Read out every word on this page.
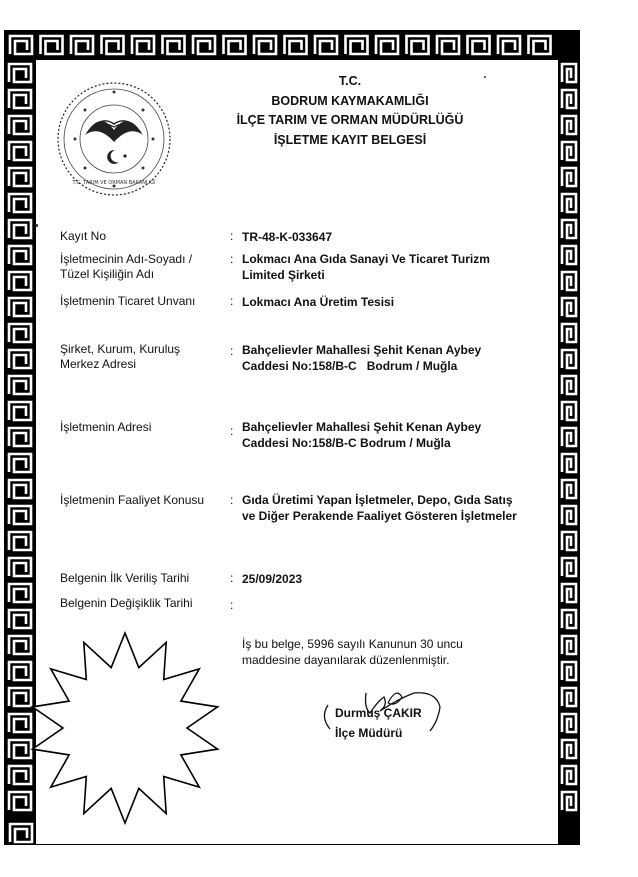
T.C.
BODRUM KAYMAKAMLIĞI
İLÇE TARIM VE ORMAN MÜDÜRLÜĞÜ
İŞLETME KAYIT BELGESİ
T.C. TARIM VE ORMAN BAKANLIĞI
Kayıt No	: TR-48-K-033647
İşletmecinin Adı-Soyadı / Tüzel Kişiliğin Adı
: Lokmacı Ana Gıda Sanayi Ve Ticaret Turizm Limited Şirketi
İşletmenin Ticaret Unvanı	: Lokmacı Ana Üretim Tesisi
Şirket, Kurum, Kuruluş Merkez Adresi
: Bahçelievler Mahallesi Şehit Kenan Aybey
Caddesi No:158/B-C   Bodrum / Muğla
İşletmenin Adresi	: Bahçelievler Mahallesi Şehit Kenan Aybey
Caddesi No:158/B-C Bodrum / Muğla
İşletmenin Faaliyet Konusu	: Gıda Üretimi Yapan İşletmeler, Depo, Gıda Satış
ve Diğer Perakende Faaliyet Gösteren İşletmeler
Belgenin İlk Veriliş Tarihi	: 25/09/2023
Belgenin Değişiklik Tarihi	:
İş bu belge, 5996 sayılı Kanunun 30 uncu maddesine dayanılarak düzenlenmiştir.
Durmuş ÇAKIR
İlçe Müdürü
